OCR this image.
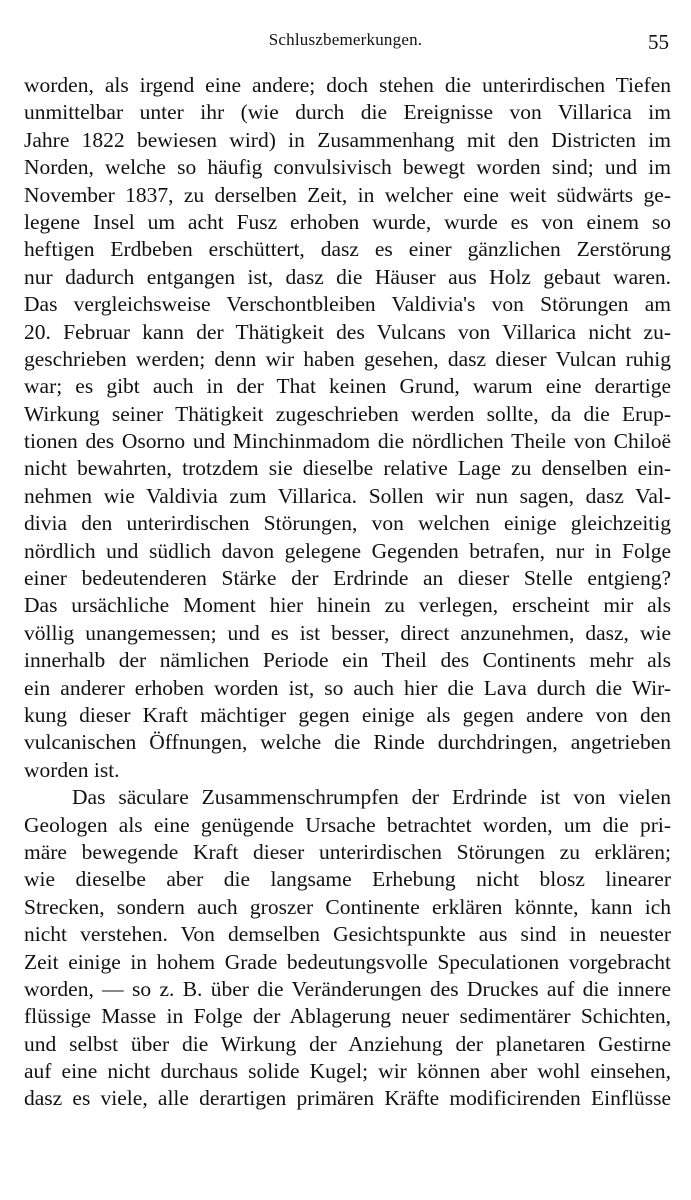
Schluszbemerkungen.	55
worden, als irgend eine andere; doch stehen die unterirdischen Tiefen
unmittelbar unter ihr (wie durch die Ereignisse von Villarica im
Jahre 1822 bewiesen wird) in Zusammenhang mit den Districten im
Norden, welche so häufig convulsivisch bewegt worden sind; und im
November 1837, zu derselben Zeit, in welcher eine weit südwärts ge-
legene Insel um acht Fusz erhoben wurde, wurde es von einem so
heftigen Erdbeben erschüttert, dasz es einer gänzlichen Zerstörung
nur dadurch entgangen ist, dasz die Häuser aus Holz gebaut waren.
Das vergleichsweise Verschontbleiben Valdivia's von Störungen am
20. Februar kann der Thätigkeit des Vulcans von Villarica nicht zu-
geschrieben werden; denn wir haben gesehen, dasz dieser Vulcan ruhig
war; es gibt auch in der That keinen Grund, warum eine derartige
Wirkung seiner Thätigkeit zugeschrieben werden sollte, da die Erup-
tionen des Osorno und Minchinmadom die nördlichen Theile von Chiloë
nicht bewahrten, trotzdem sie dieselbe relative Lage zu denselben ein-
nehmen wie Valdivia zum Villarica. Sollen wir nun sagen, dasz Val-
divia den unterirdischen Störungen, von welchen einige gleichzeitig
nördlich und südlich davon gelegene Gegenden betrafen, nur in Folge
einer bedeutenderen Stärke der Erdrinde an dieser Stelle entgieng?
Das ursächliche Moment hier hinein zu verlegen, erscheint mir als
völlig unangemessen; und es ist besser, direct anzunehmen, dasz, wie
innerhalb der nämlichen Periode ein Theil des Continents mehr als
ein anderer erhoben worden ist, so auch hier die Lava durch die Wir-
kung dieser Kraft mächtiger gegen einige als gegen andere von den
vulcanischen Öffnungen, welche die Rinde durchdringen, angetrieben
worden ist.
Das säculare Zusammenschrumpfen der Erdrinde ist von vielen
Geologen als eine genügende Ursache betrachtet worden, um die pri-
märe bewegende Kraft dieser unterirdischen Störungen zu erklären;
wie dieselbe aber die langsame Erhebung nicht blosz linearer
Strecken, sondern auch groszer Continente erklären könnte, kann ich
nicht verstehen. Von demselben Gesichtspunkte aus sind in neuester
Zeit einige in hohem Grade bedeutungsvolle Speculationen vorgebracht
worden, — so z. B. über die Veränderungen des Druckes auf die innere
flüssige Masse in Folge der Ablagerung neuer sedimentärer Schichten,
und selbst über die Wirkung der Anziehung der planetaren Gestirne
auf eine nicht durchaus solide Kugel; wir können aber wohl einsehen,
dasz es viele, alle derartigen primären Kräfte modificirenden Einflüsse
